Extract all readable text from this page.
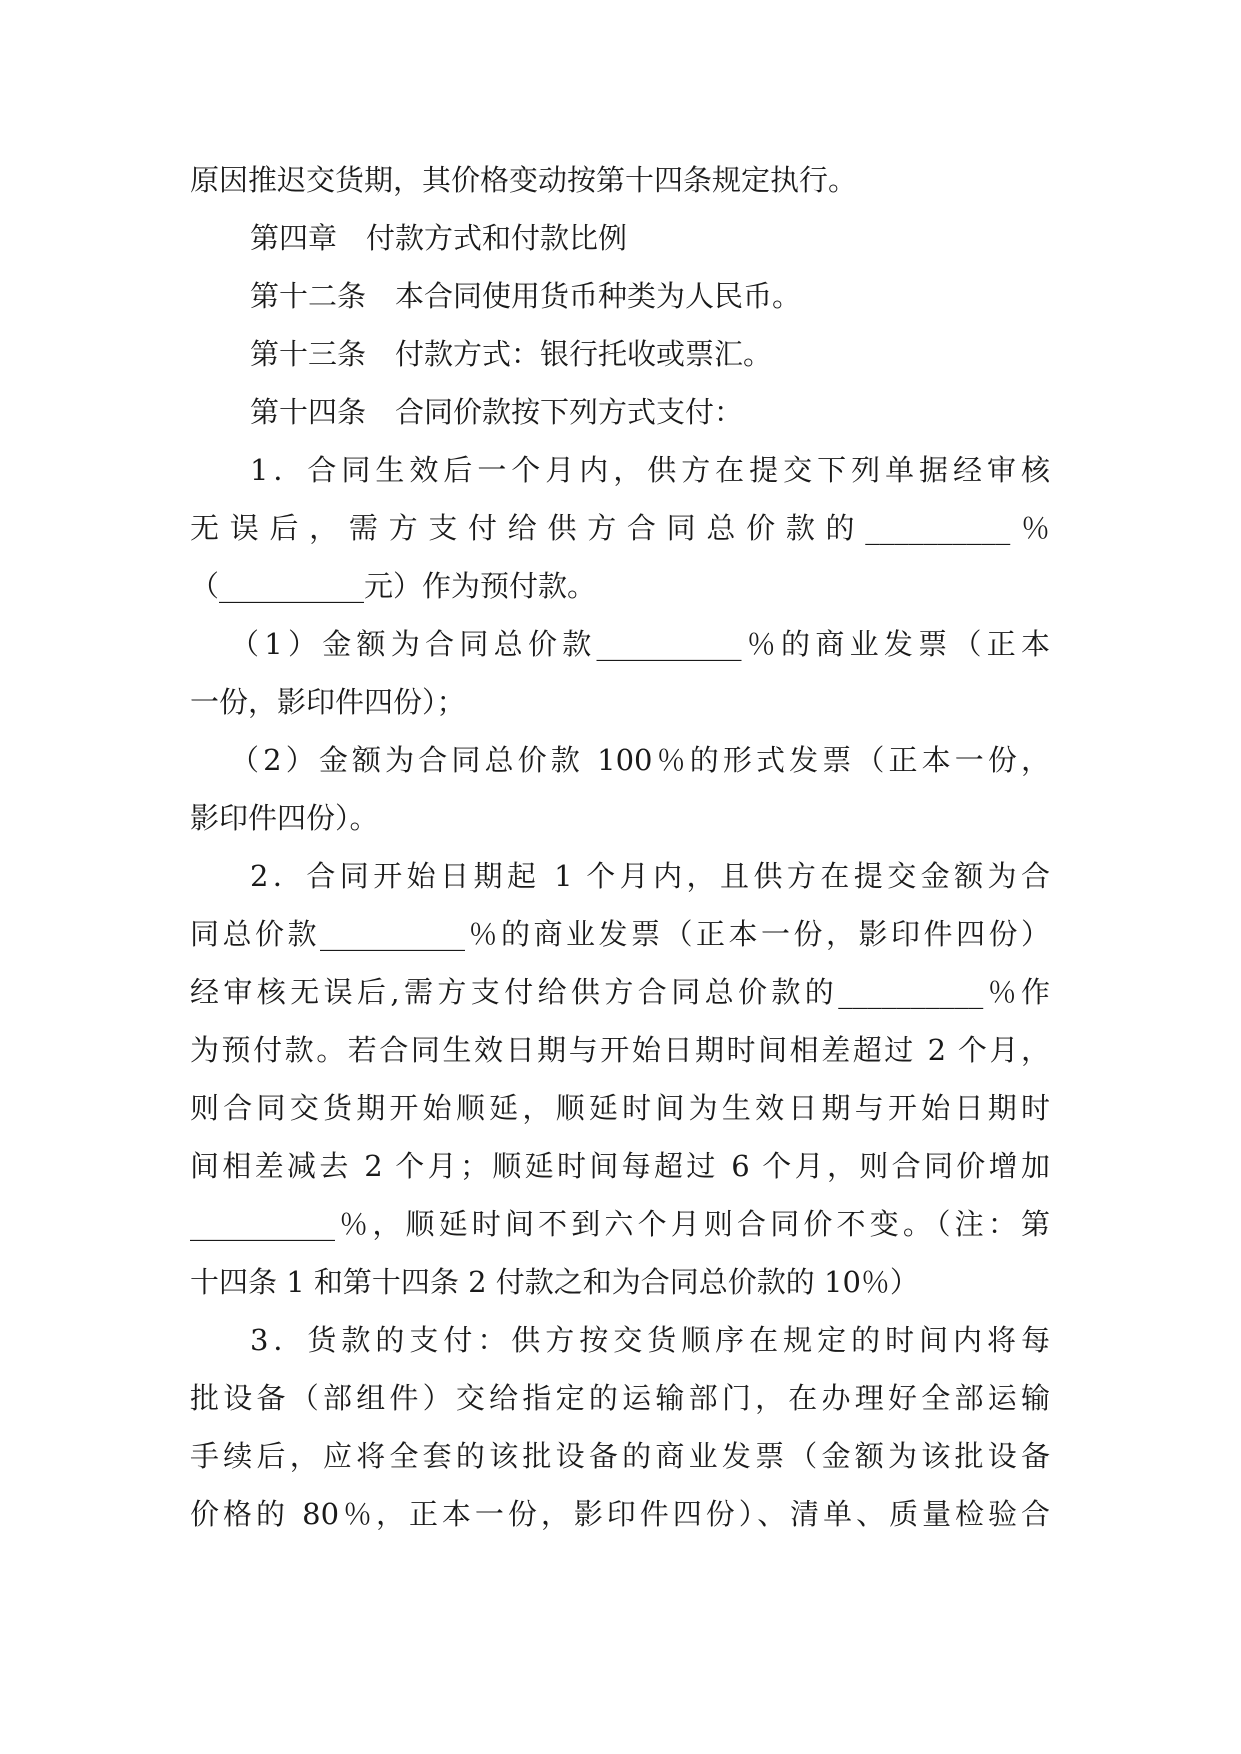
原因推迟交货期，其价格变动按第十四条规定执行。

第四章　付款方式和付款比例

第十二条　本合同使用货币种类为人民币。

第十三条　付款方式：银行托收或票汇。

第十四条　合同价款按下列方式支付：

1．合同生效后一个月内，供方在提交下列单据经审核

无误后，需方支付给供方合同总价款的__________％

（__________元）作为预付款。

（1）金额为合同总价款__________％的商业发票（正本

一份，影印件四份）；

（2）金额为合同总价款 100％的形式发票（正本一份，

影印件四份）。

2．合同开始日期起 1 个月内，且供方在提交金额为合

同总价款__________％的商业发票（正本一份，影印件四份）

经审核无误后,需方支付给供方合同总价款的__________％作

为预付款。若合同生效日期与开始日期时间相差超过 2 个月，

则合同交货期开始顺延，顺延时间为生效日期与开始日期时

间相差减去 2 个月；顺延时间每超过 6 个月，则合同价增加

__________％，顺延时间不到六个月则合同价不变。（注：第

十四条 1 和第十四条 2 付款之和为合同总价款的 10％）

3．货款的支付：供方按交货顺序在规定的时间内将每

批设备（部组件）交给指定的运输部门，在办理好全部运输

手续后，应将全套的该批设备的商业发票（金额为该批设备

价格的 80％，正本一份，影印件四份）、清单、质量检验合
